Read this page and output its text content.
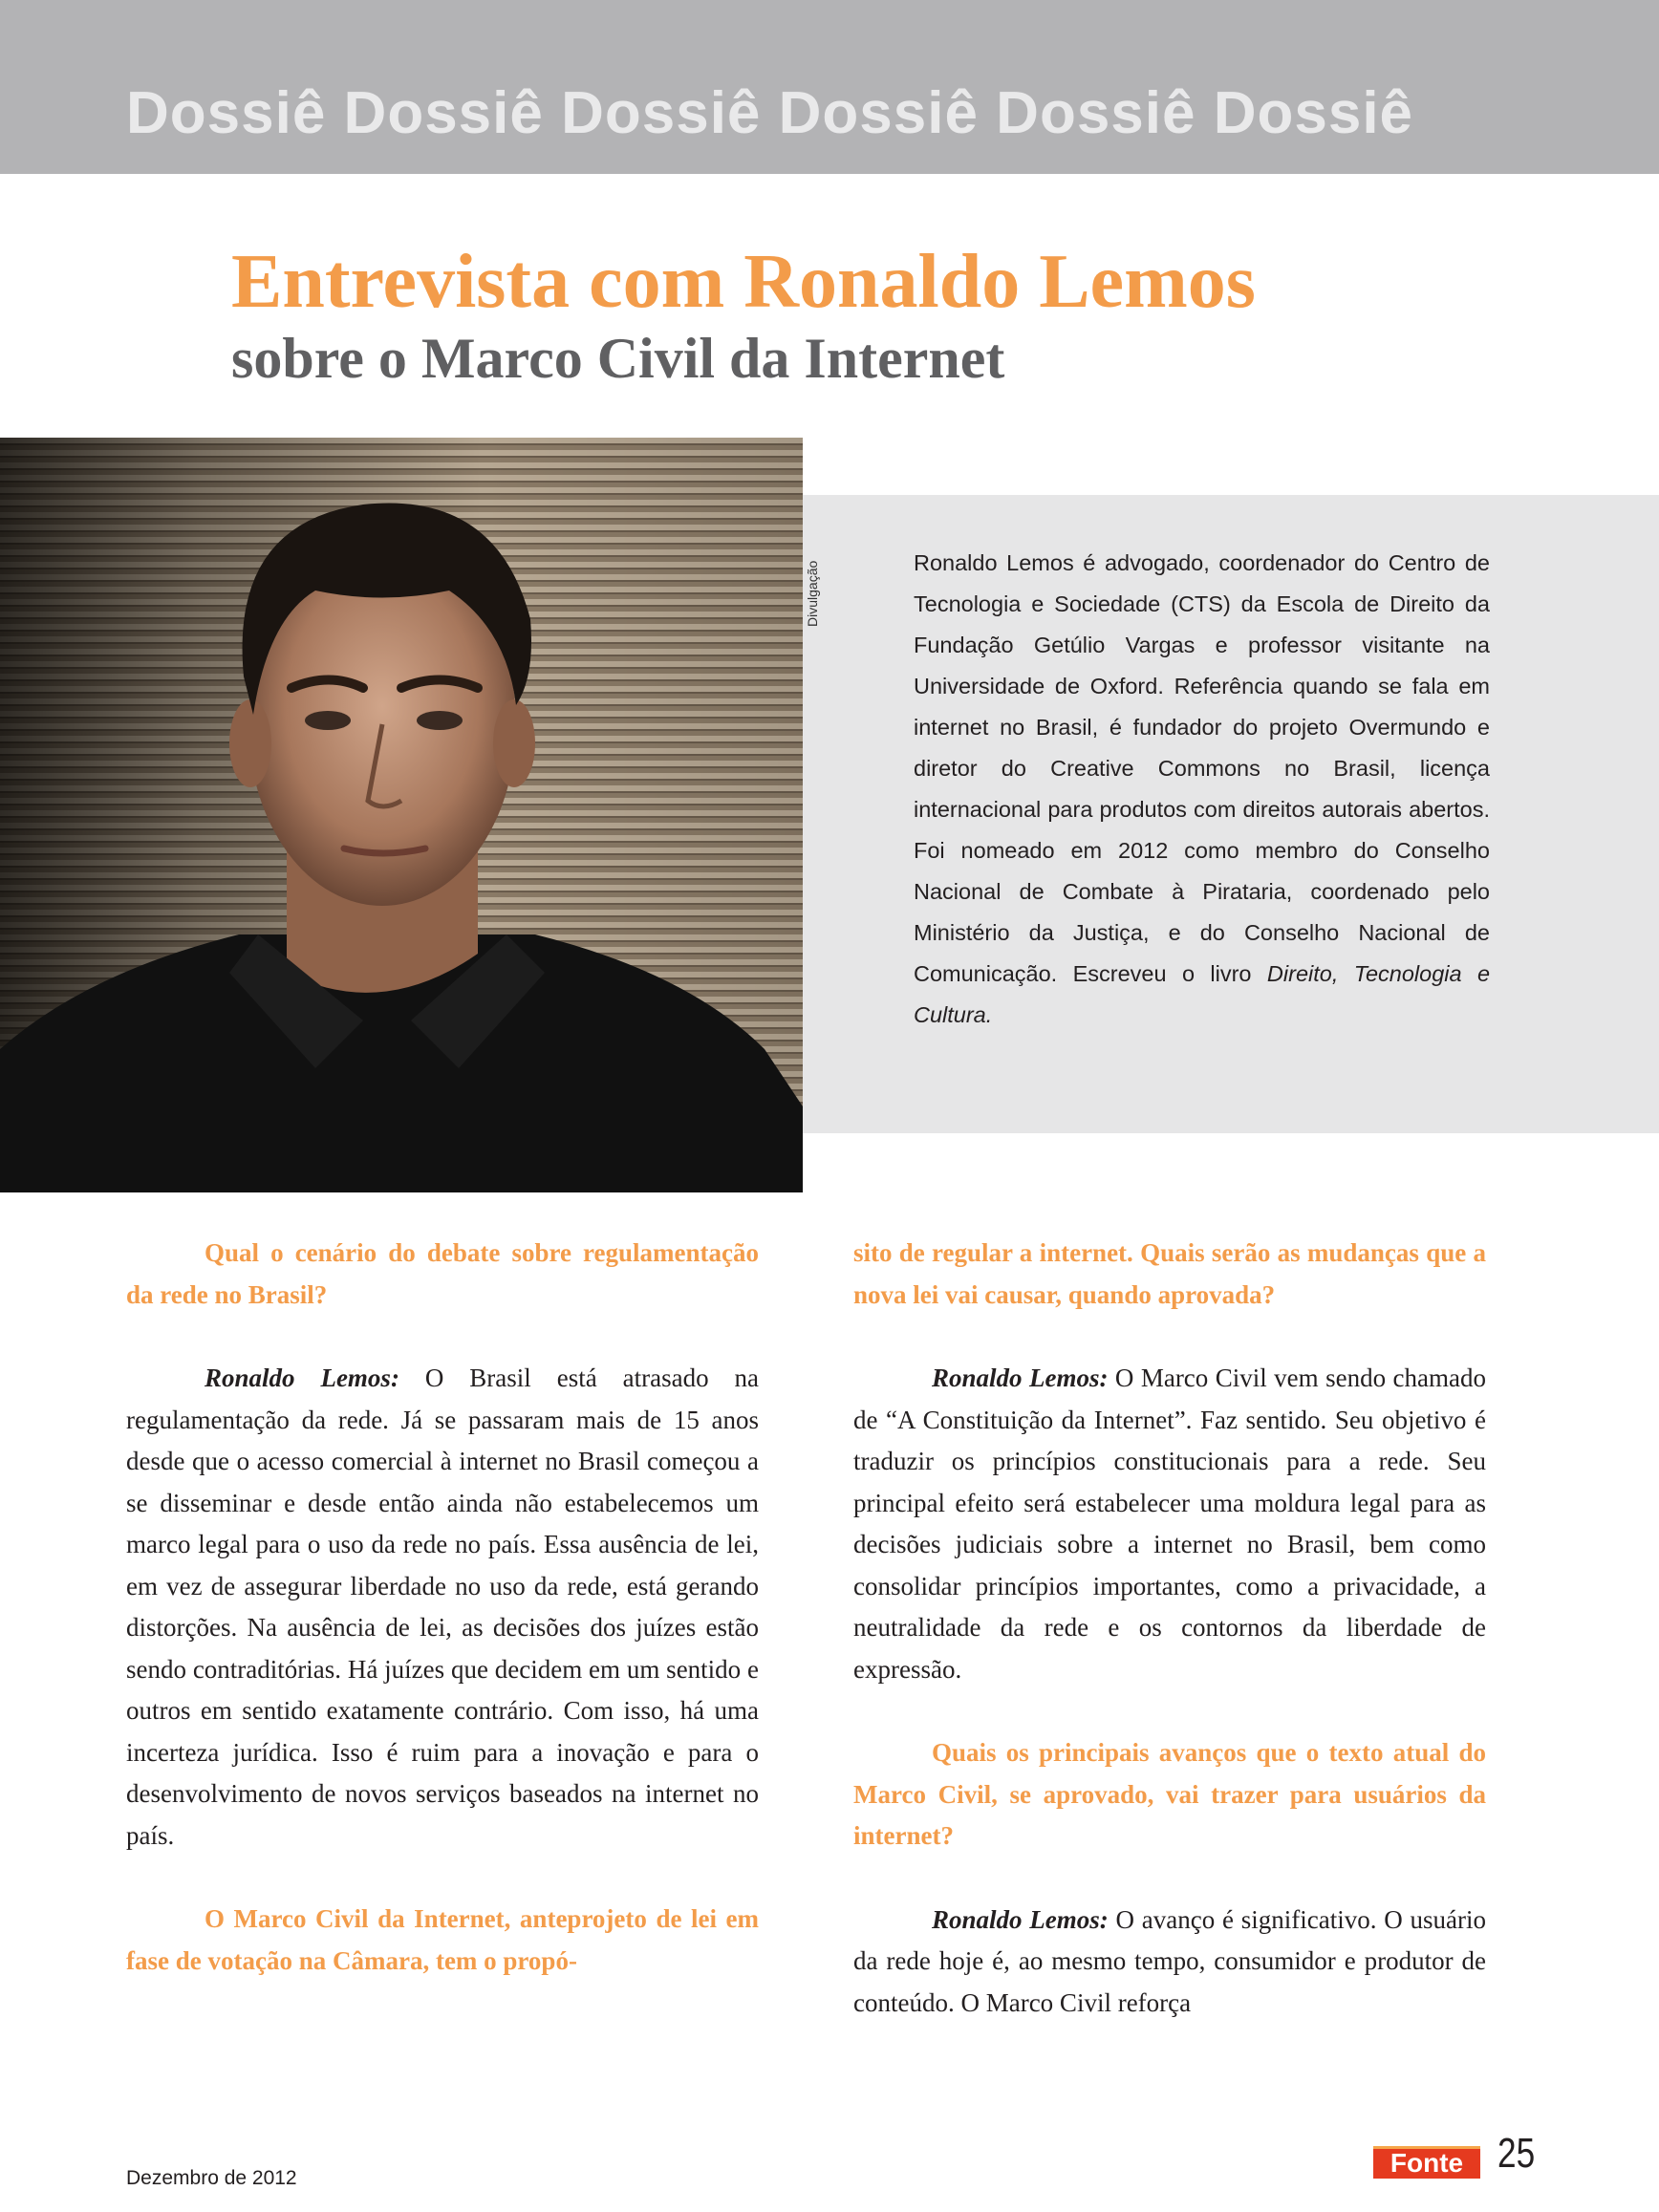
Dossiê Dossiê Dossiê Dossiê Dossiê Dossiê
Entrevista com Ronaldo Lemos
sobre o Marco Civil da Internet
Divulgação	Ronaldo Lemos é advogado, coordenador do Centro de Tecnologia e Sociedade (CTS) da Escola de Direito da Fundação Getúlio Vargas e professor visitante na Universidade de Oxford. Referência quando se fala em internet no Brasil, é fundador do projeto Overmundo e diretor do Creative Commons no Brasil, licença internacional para produtos com direitos autorais abertos. Foi nomeado em 2012 como membro do Conselho Nacional de Combate à Pirataria, coordenado pelo Ministério da Justiça, e do Conselho Nacional de Comunicação. Escreveu o livro Direito, Tecnologia e Cultura.

Qual o cenário do debate sobre regulamentação da rede no Brasil?

Ronaldo Lemos: O Brasil está atrasado na regulamentação da rede. Já se passaram mais de 15 anos desde que o acesso comercial à internet no Brasil começou a se disseminar e desde então ainda não estabelecemos um marco legal para o uso da rede no país. Essa ausência de lei, em vez de assegurar liberdade no uso da rede, está gerando distorções. Na ausência de lei, as decisões dos juízes estão sendo contraditórias. Há juízes que decidem em um sentido e outros em sentido exatamente contrário. Com isso, há uma incerteza jurídica. Isso é ruim para a inovação e para o desenvolvimento de novos serviços baseados na internet no país.

O Marco Civil da Internet, anteprojeto de lei em fase de votação na Câmara, tem o propó-

sito de regular a internet. Quais serão as mudanças que a nova lei vai causar, quando aprovada?

Ronaldo Lemos: O Marco Civil vem sendo chamado de “A Constituição da Internet”. Faz sentido. Seu objetivo é traduzir os princípios constitucionais para a rede. Seu principal efeito será estabelecer uma moldura legal para as decisões judiciais sobre a internet no Brasil, bem como consolidar princípios importantes, como a privacidade, a neutralidade da rede e os contornos da liberdade de expressão.

Quais os principais avanços que o texto atual do Marco Civil, se aprovado, vai trazer para usuários da internet?

Ronaldo Lemos: O avanço é significativo. O usuário da rede hoje é, ao mesmo tempo, consumidor e produtor de conteúdo. O Marco Civil reforça

Dezembro de 2012
Fonte 25
